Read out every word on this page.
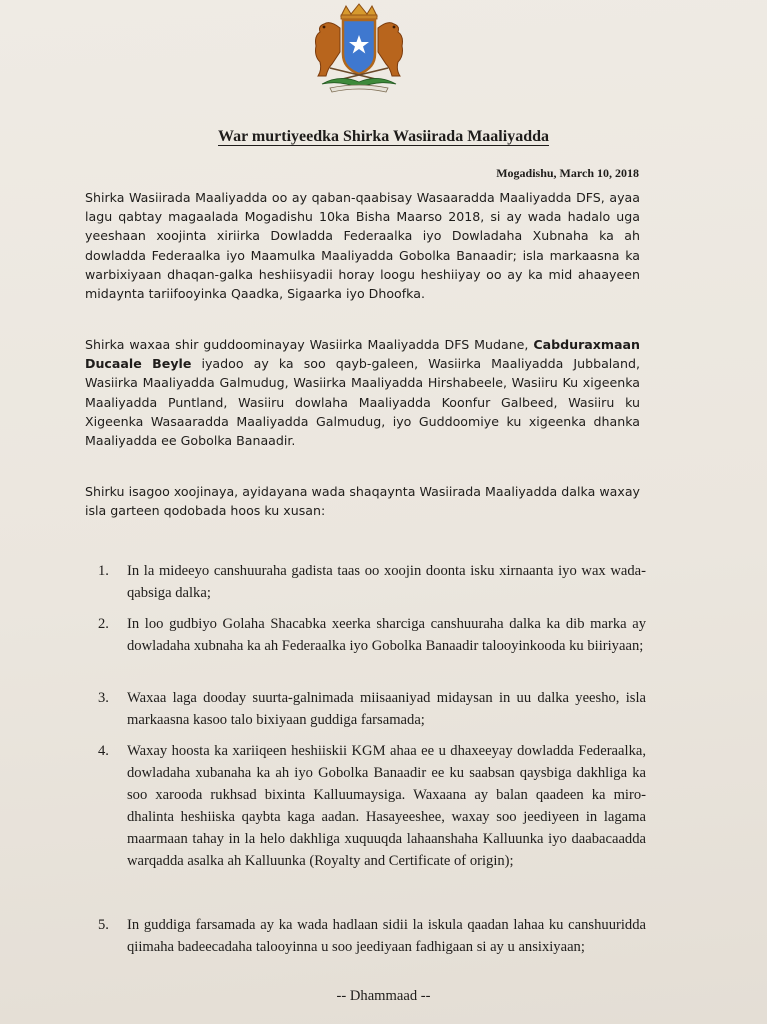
War murtiyeedka Shirka Wasiirada Maaliyadda
Mogadishu, March 10, 2018
Shirka Wasiirada Maaliyadda oo ay qaban-qaabisay Wasaaradda Maaliyadda DFS, ayaa lagu qabtay magaalada Mogadishu 10ka Bisha Maarso 2018, si ay wada hadalo uga yeeshaan xoojinta xiriirka Dowladda Federaalka iyo Dowladaha Xubnaha ka ah dowladda Federaalka iyo Maamulka Maaliyadda Gobolka Banaadir; isla markaasna ka warbixiyaan dhaqan-galka heshiisyadii horay loogu heshiiyay oo ay ka mid ahaayeen midaynta tariifooyinka Qaadka, Sigaarka iyo Dhoofka.
Shirka waxaa shir guddoominayay Wasiirka Maaliyadda DFS Mudane, Cabduraxmaan Ducaale Beyle iyadoo ay ka soo qayb-galeen, Wasiirka Maaliyadda Jubbaland, Wasiirka Maaliyadda Galmudug, Wasiirka Maaliyadda Hirshabeele, Wasiiru Ku xigeenka Maaliyadda Puntland, Wasiiru dowlaha Maaliyadda Koonfur Galbeed, Wasiiru ku Xigeenka Wasaaradda Maaliyadda Galmudug, iyo Guddoomiye ku xigeenka dhanka Maaliyadda ee Gobolka Banaadir.
Shirku isagoo xoojinaya, ayidayana wada shaqaynta Wasiirada Maaliyadda dalka waxay isla garteen qodobada hoos ku xusan:
1.	In la mideeyo canshuuraha gadista taas oo xoojin doonta isku xirnaanta iyo wax wada-qabsiga dalka;
2.	In loo gudbiyo Golaha Shacabka xeerka sharciga canshuuraha dalka ka dib marka ay dowladaha xubnaha ka ah Federaalka iyo Gobolka Banaadir talooyinkooda ku biiriyaan;
3.	Waxaa laga dooday suurta-galnimada miisaaniyad midaysan in uu dalka yeesho, isla markaasna kasoo talo bixiyaan guddiga farsamada;
4.	Waxay hoosta ka xariiqeen heshiiskii KGM ahaa ee u dhaxeeyay dowladda Federaalka, dowladaha xubanaha ka ah iyo Gobolka Banaadir ee ku saabsan qaysbiga dakhliga ka soo xarooda rukhsad bixinta Kalluumaysiga. Waxaana ay balan qaadeen ka miro-dhalinta heshiiska qaybta kaga aadan. Hasayeeshee, waxay soo jeediyeen in lagama maarmaan tahay in la helo dakhliga xuquuqda lahaanshaha Kalluunka iyo daabacaadda warqadda asalka ah Kalluunka (Royalty and Certificate of origin);
5.	In guddiga farsamada ay ka wada hadlaan sidii la iskula qaadan lahaa ku canshuuridda qiimaha badeecadaha talooyinna u soo jeediyaan fadhigaan si ay u ansixiyaan;
-- Dhammaad --
